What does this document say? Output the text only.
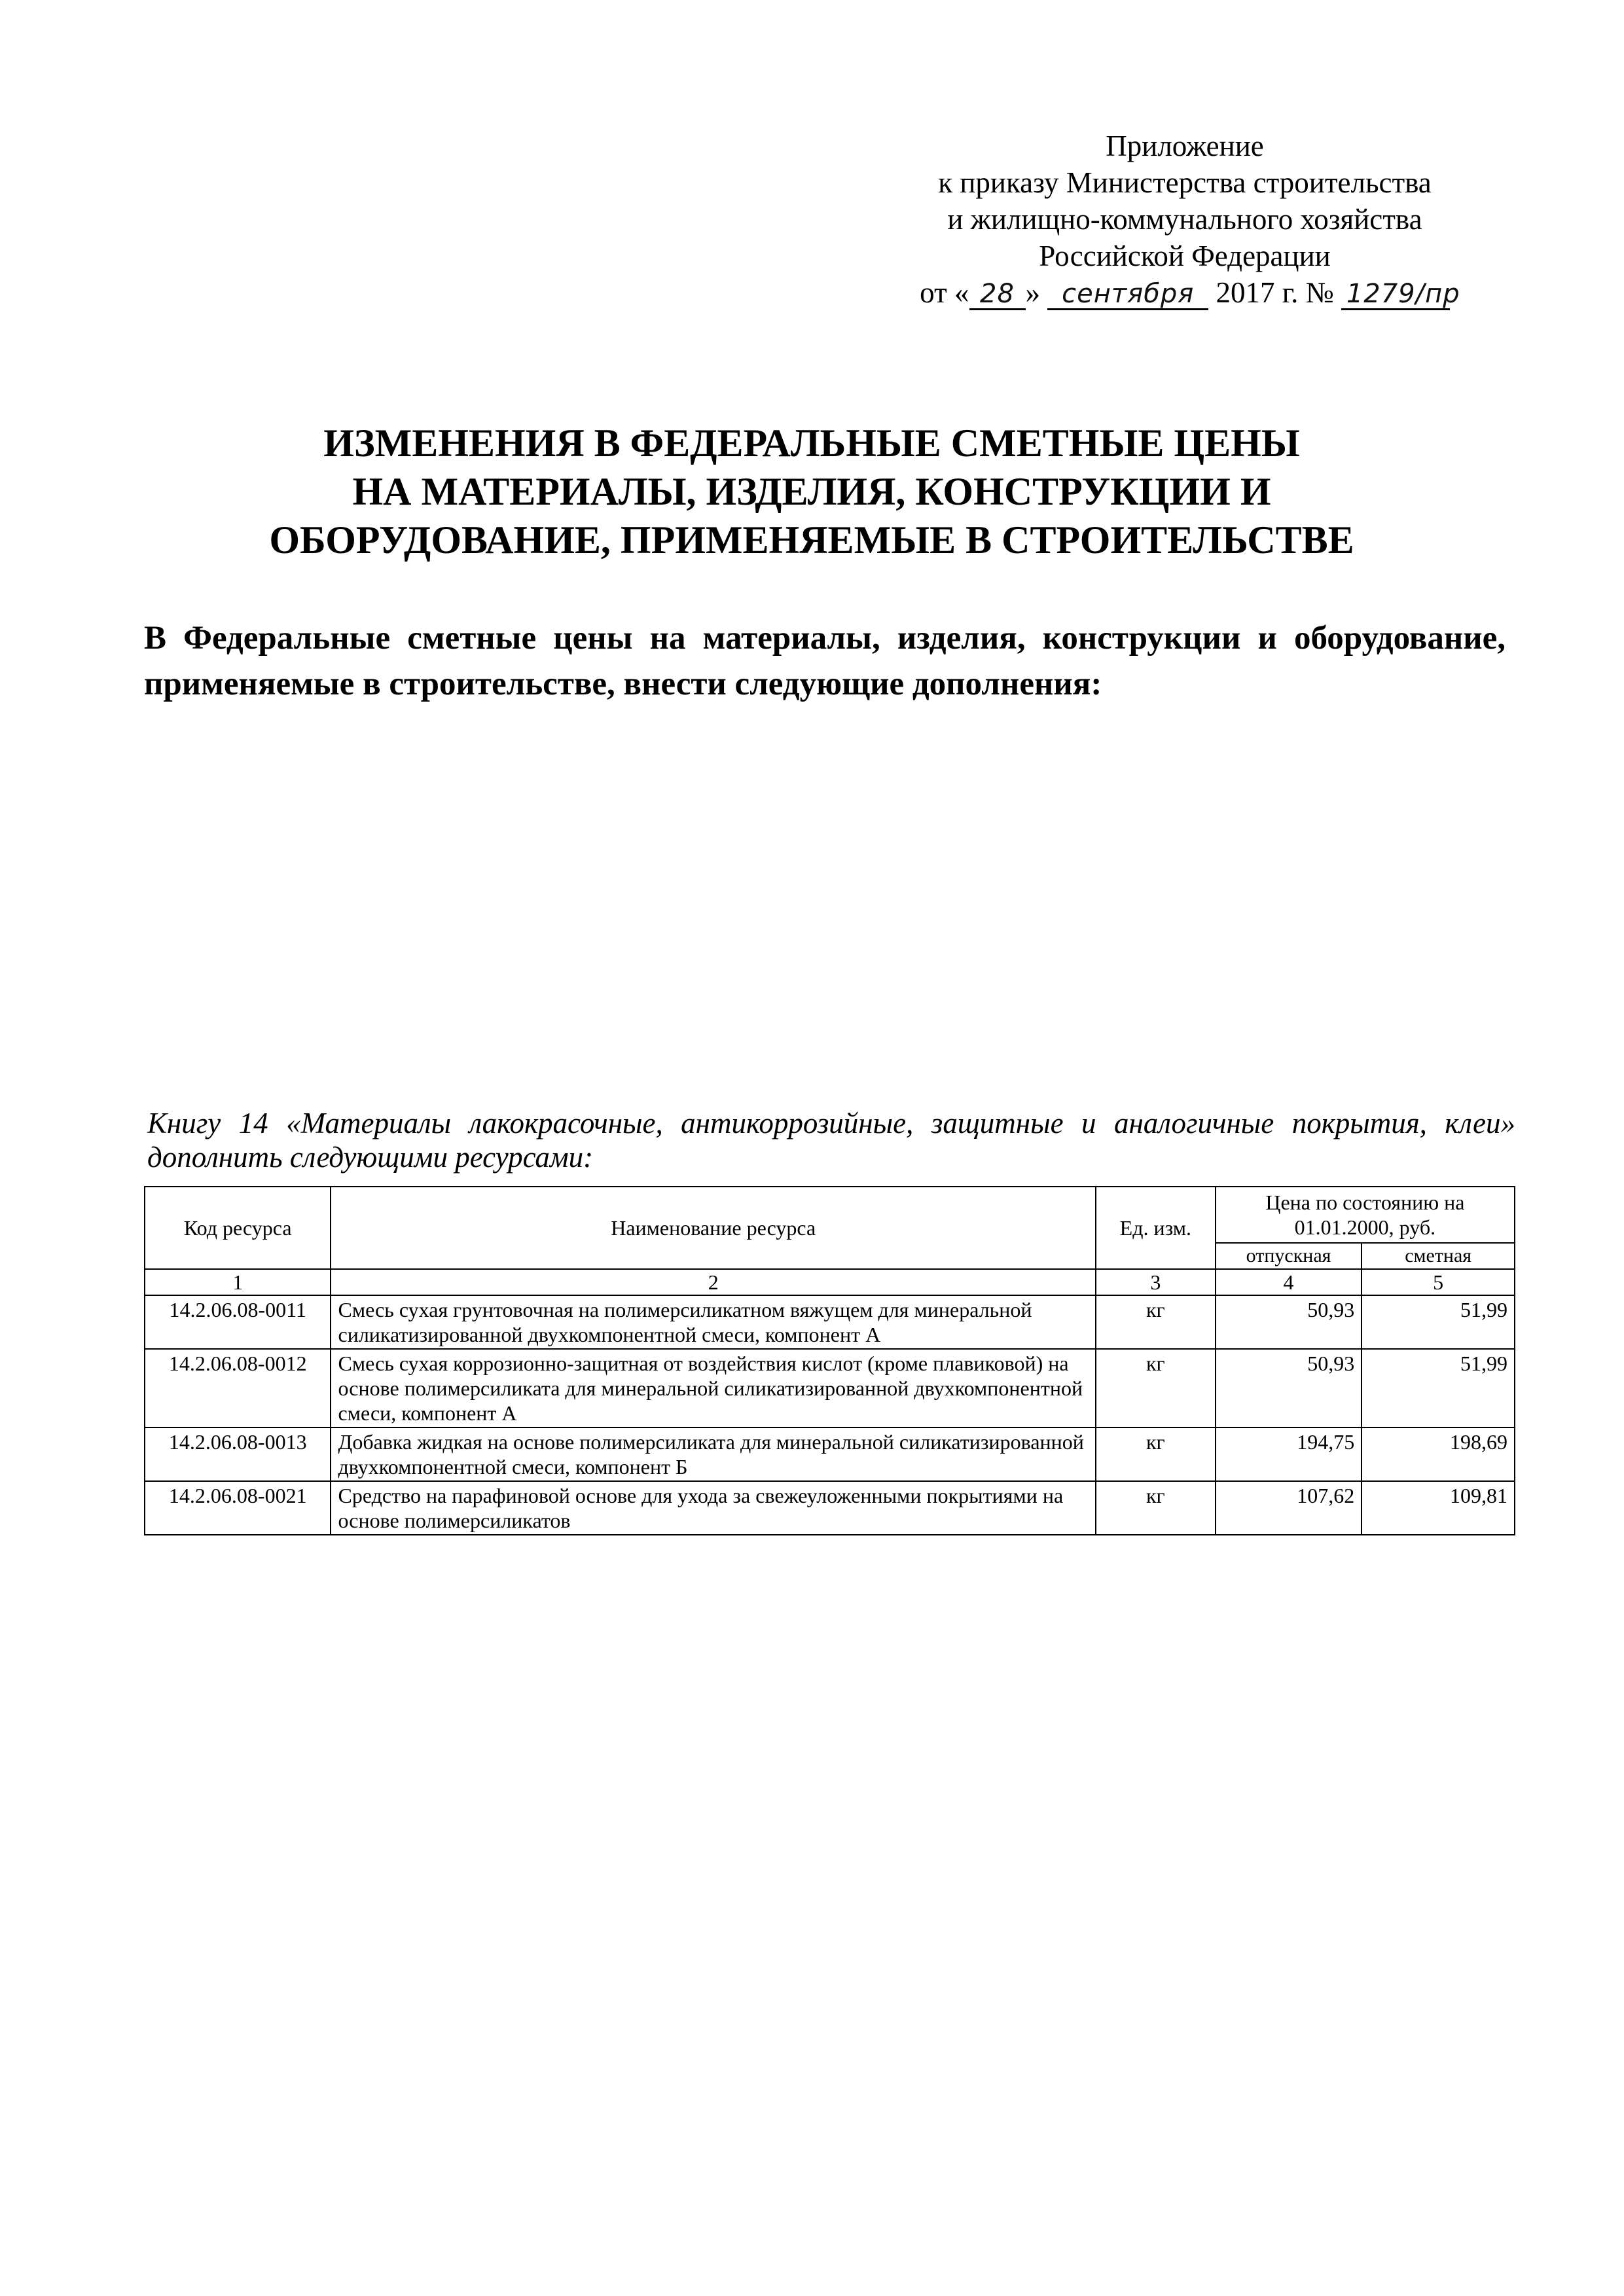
Приложение
к приказу Министерства строительства
и жилищно-коммунального хозяйства
Российской Федерации
от « 28 » сентября 2017 г. № 1279/пр
ИЗМЕНЕНИЯ В ФЕДЕРАЛЬНЫЕ СМЕТНЫЕ ЦЕНЫ
НА МАТЕРИАЛЫ, ИЗДЕЛИЯ, КОНСТРУКЦИИ И
ОБОРУДОВАНИЕ, ПРИМЕНЯЕМЫЕ В СТРОИТЕЛЬСТВЕ
В Федеральные сметные цены на материалы, изделия, конструкции и оборудование, применяемые в строительстве, внести следующие дополнения:
Книгу 14 «Материалы лакокрасочные, антикоррозийные, защитные и аналогичные покрытия, клеи» дополнить следующими ресурсами:
Код ресурса	Наименование ресурса	Ед. изм.	Цена по состоянию на 01.01.2000, руб.	
			отпускная	сметная
1	2	3	4	5
14.2.06.08-0011	Смесь сухая грунтовочная на полимерсиликатном вяжущем для минеральной силикатизированной двухкомпонентной смеси, компонент А	кг	50,93	51,99
14.2.06.08-0012	Смесь сухая коррозионно-защитная от воздействия кислот (кроме плавиковой) на основе полимерсиликата для минеральной силикатизированной двухкомпонентной смеси, компонент А	кг	50,93	51,99
14.2.06.08-0013	Добавка жидкая на основе полимерсиликата для минеральной силикатизированной двухкомпонентной смеси, компонент Б	кг	194,75	198,69
14.2.06.08-0021	Средство на парафиновой основе для ухода за свежеуложенными покрытиями на основе полимерсиликатов	кг	107,62	109,81
